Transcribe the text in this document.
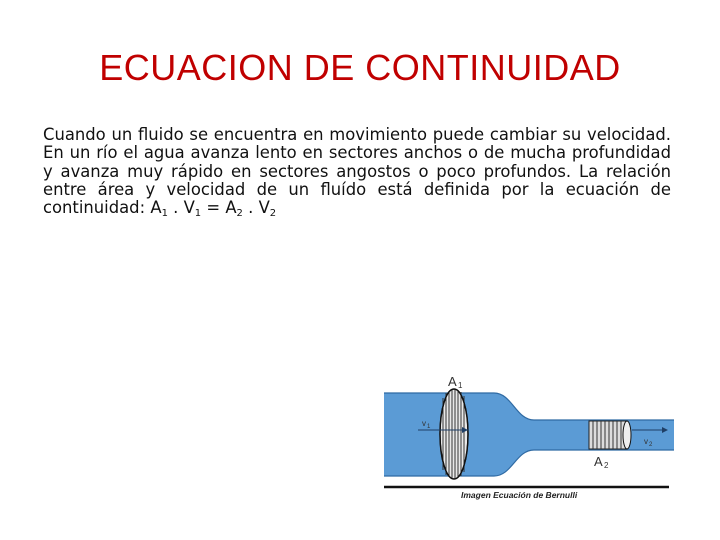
ECUACION DE CONTINUIDAD

Cuando un fluido se encuentra en movimiento puede cambiar su velocidad. En un río el agua avanza lento en sectores anchos o de mucha profundidad y avanza muy rápido en sectores angostos o poco profundos. La relación entre área y velocidad de un fluído está definida por la ecuación de continuidad: $A_1$ . $V_1 = A_2$ . $V_2$

A 1
A 2
v 1
v 2
Imagen Ecuación de Bernulli
